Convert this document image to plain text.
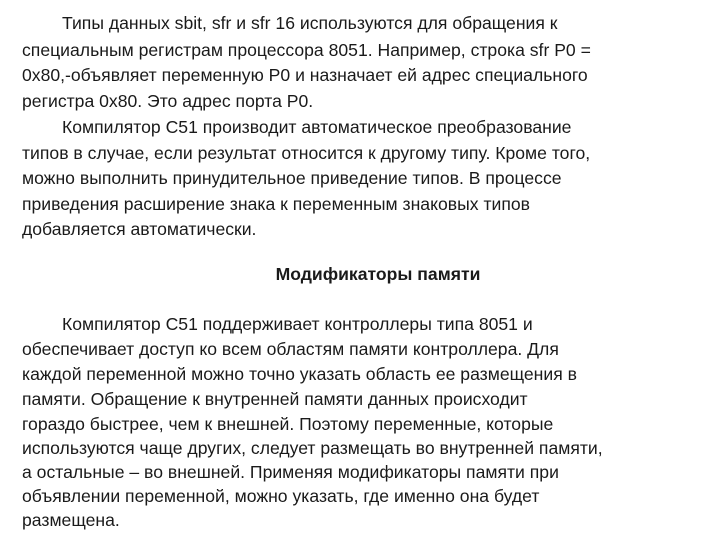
Типы данных sbit, sfr и sfr 16 используются для обращения к
специальным регистрам процессора 8051. Например, строка sfr P0 =
0x80,-объявляет переменную P0 и назначает ей адрес специального
регистра 0x80. Это адрес порта P0.
Компилятор C51 производит автоматическое преобразование
типов в случае, если результат относится к другому типу. Кроме того,
можно выполнить принудительное приведение типов. В процессе
приведения расширение знака к переменным знаковых типов
добавляется автоматически.
Модификаторы памяти
Компилятор C51 поддерживает контроллеры типа 8051 и
обеспечивает доступ ко всем областям памяти контроллера. Для
каждой переменной можно точно указать область ее размещения в
памяти. Обращение к внутренней памяти данных происходит
гораздо быстрее, чем к внешней. Поэтому переменные, которые
используются чаще других, следует размещать во внутренней памяти,
а остальные – во внешней. Применяя модификаторы памяти при
объявлении переменной, можно указать, где именно она будет
размещена.
